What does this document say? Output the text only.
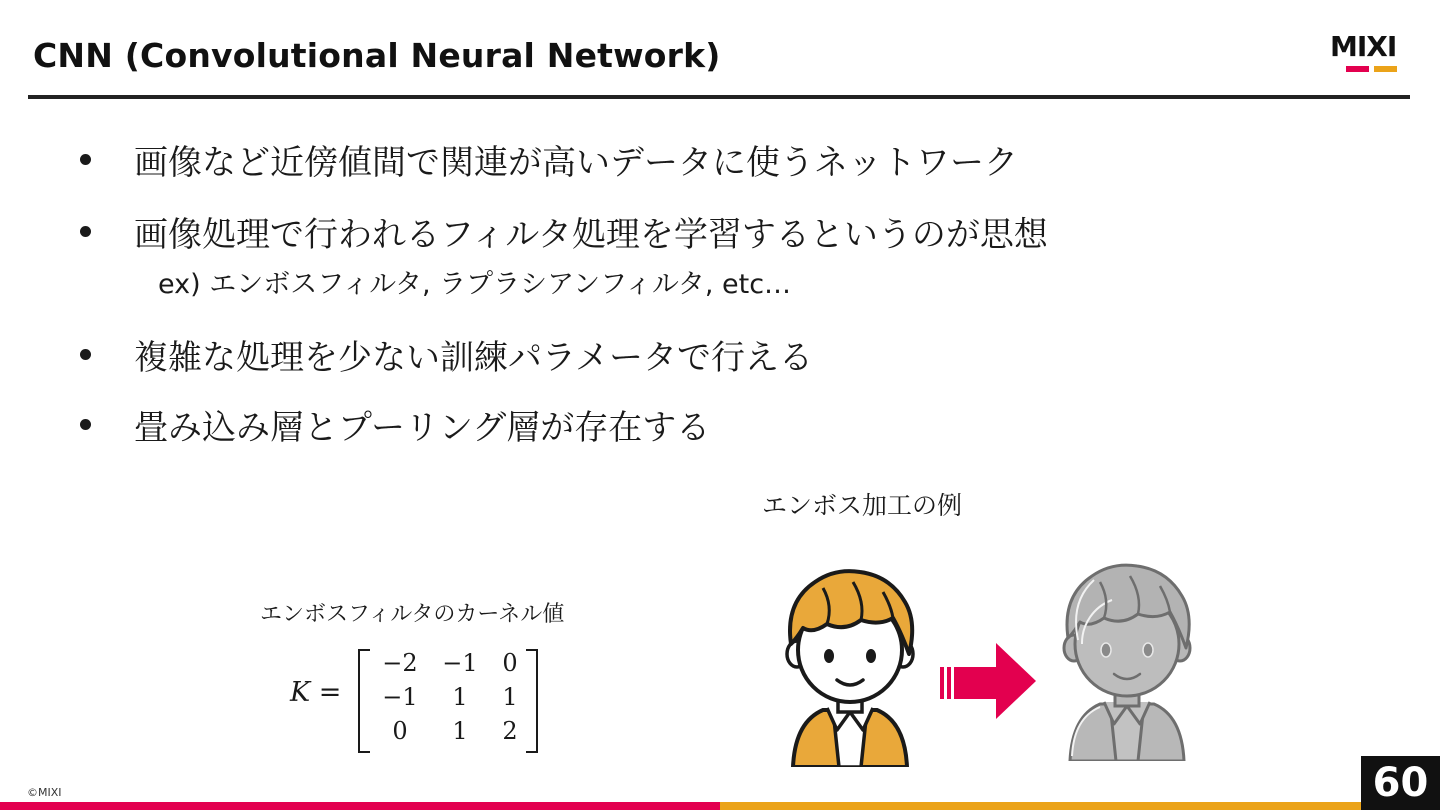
CNN (Convolutional Neural Network)	MIXI
画像など近傍値間で関連が高いデータに使うネットワーク
画像処理で行われるフィルタ処理を学習するというのが思想
ex) エンボスフィルタ, ラプラシアンフィルタ, etc…
複雑な処理を少ない訓練パラメータで行える
畳み込み層とプーリング層が存在する
エンボス加工の例
エンボスフィルタのカーネル値
K =
−2	−1	0
−1	1	1
0	1	2
©MIXI	60
